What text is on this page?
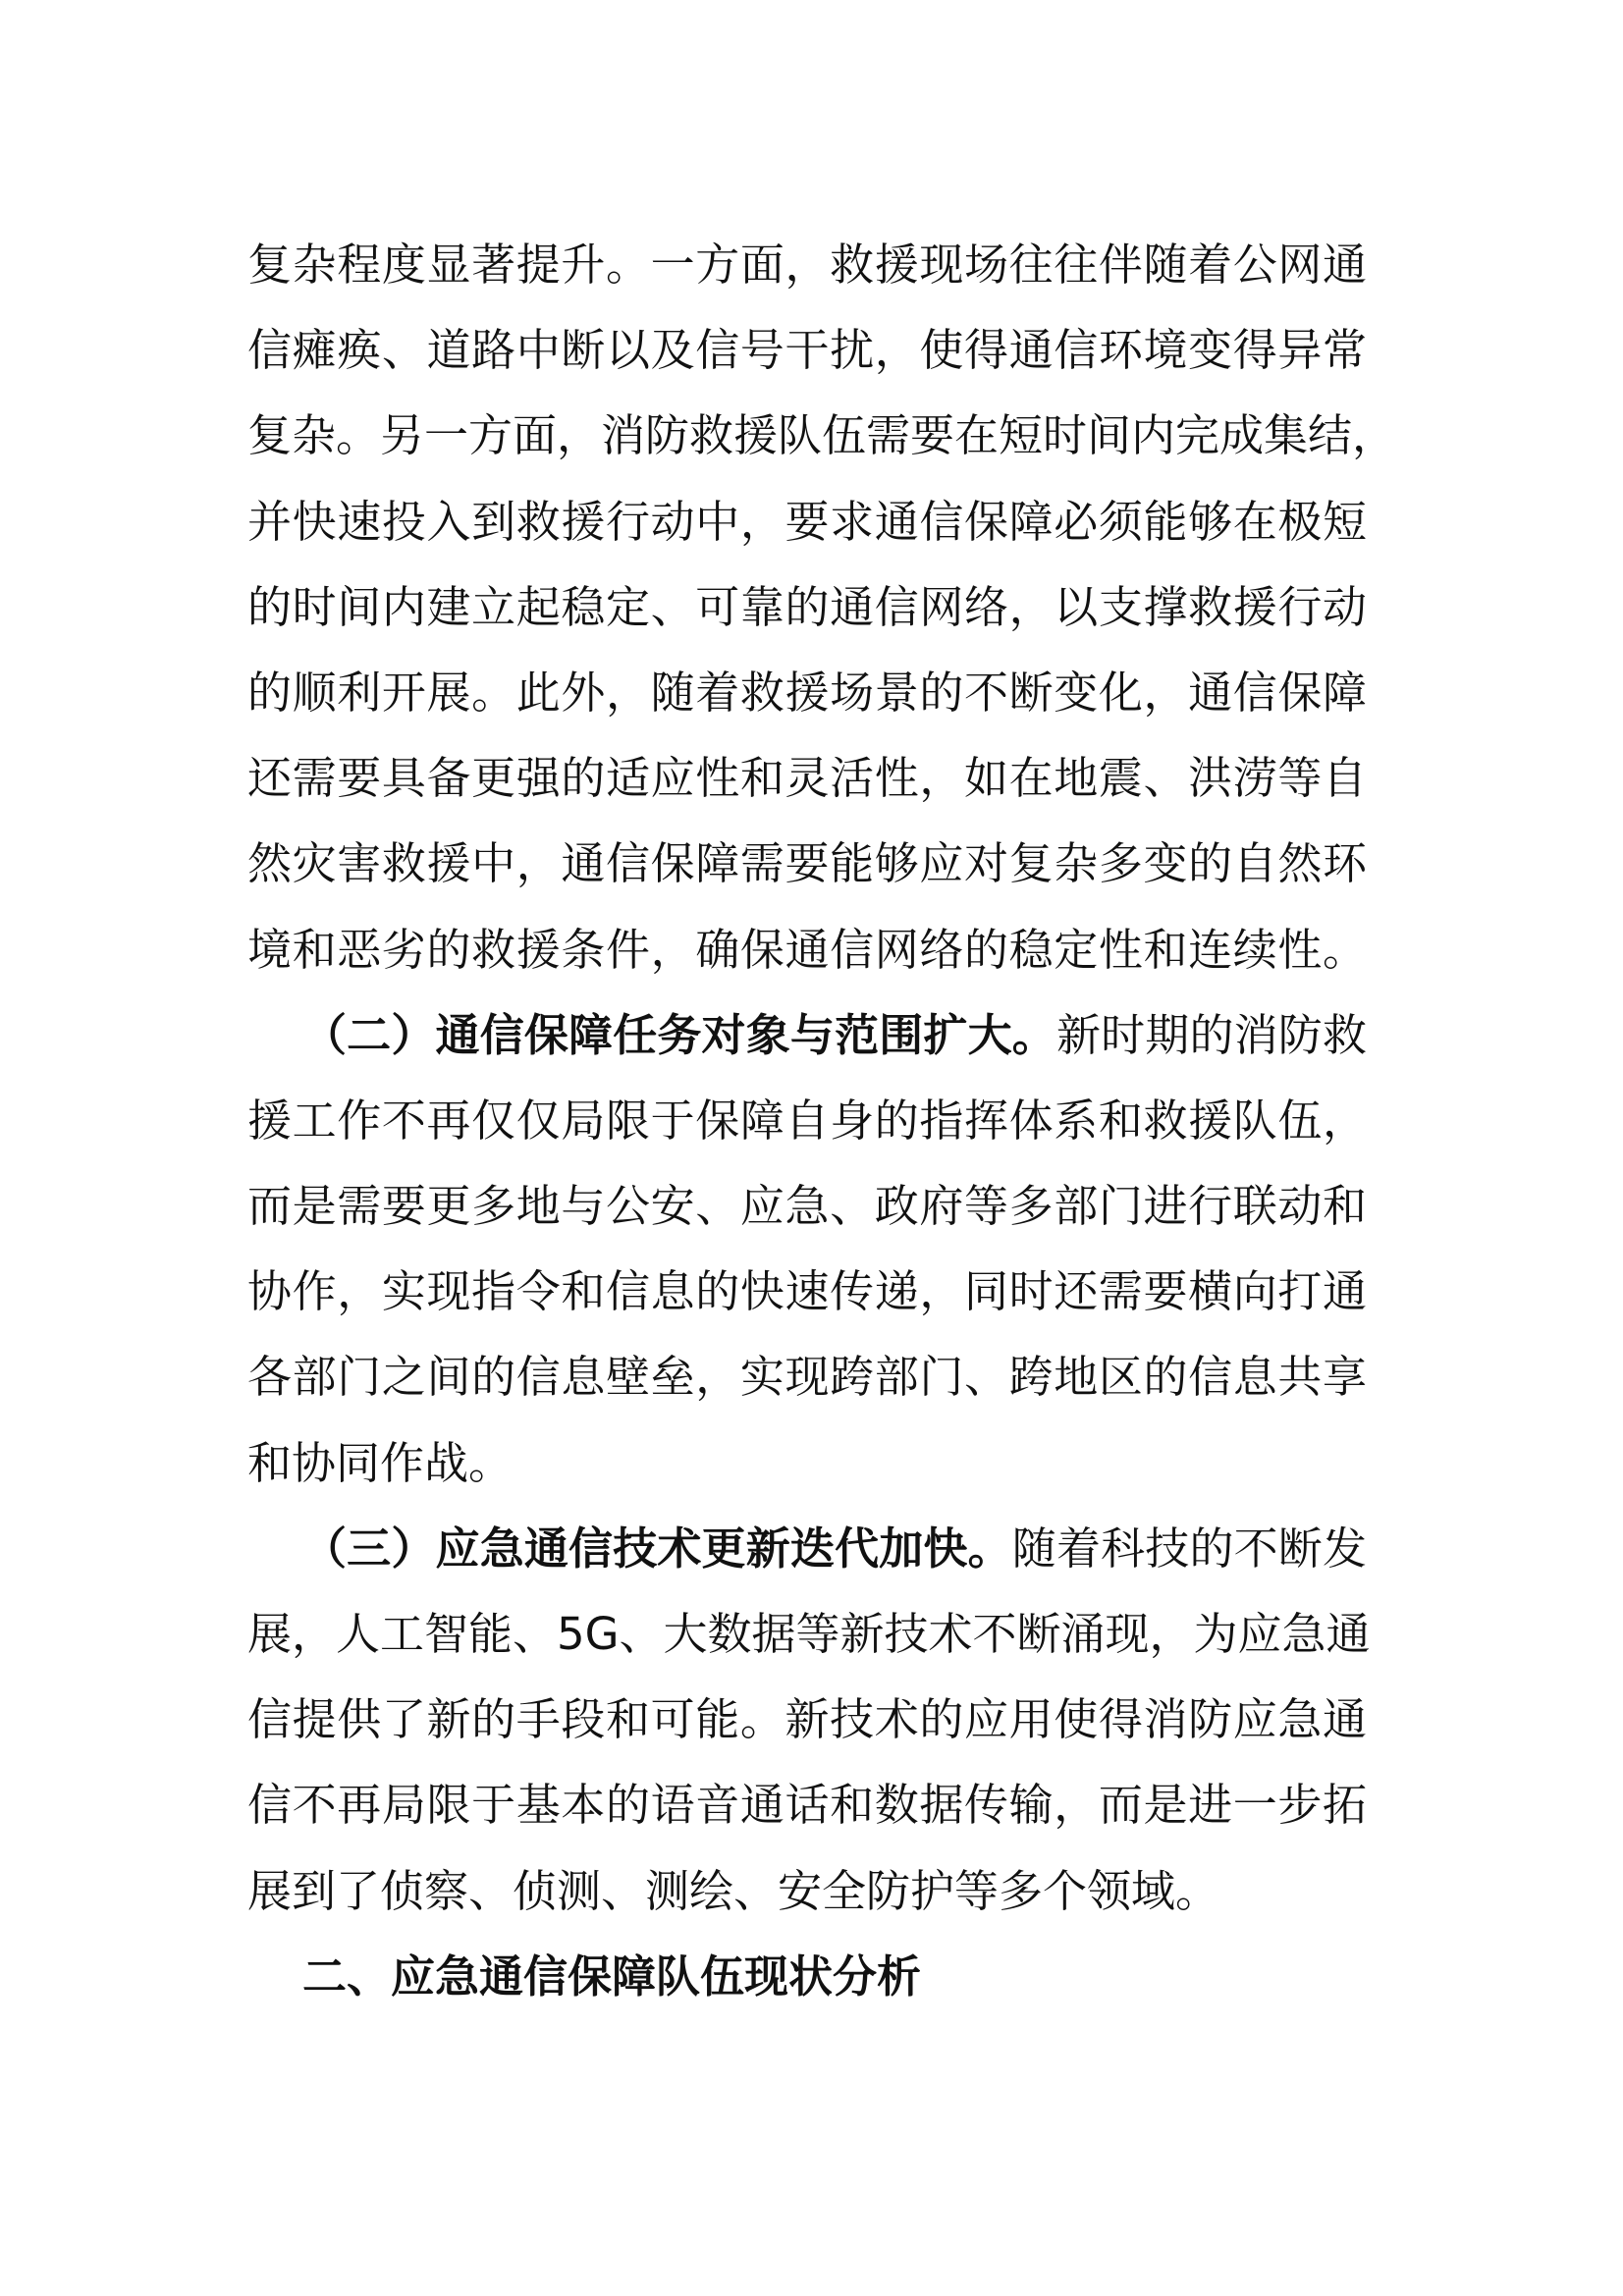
复杂程度显著提升。一方面，救援现场往往伴随着公网通
信瘫痪、道路中断以及信号干扰，使得通信环境变得异常
复杂。另一方面，消防救援队伍需要在短时间内完成集结，
并快速投入到救援行动中，要求通信保障必须能够在极短
的时间内建立起稳定、可靠的通信网络，以支撑救援行动
的顺利开展。此外，随着救援场景的不断变化，通信保障
还需要具备更强的适应性和灵活性，如在地震、洪涝等自
然灾害救援中，通信保障需要能够应对复杂多变的自然环
境和恶劣的救援条件，确保通信网络的稳定性和连续性。
（二）通信保障任务对象与范围扩大。新时期的消防救
援工作不再仅仅局限于保障自身的指挥体系和救援队伍，
而是需要更多地与公安、应急、政府等多部门进行联动和
协作，实现指令和信息的快速传递，同时还需要横向打通
各部门之间的信息壁垒，实现跨部门、跨地区的信息共享
和协同作战。
（三）应急通信技术更新迭代加快。随着科技的不断发
展，人工智能、5G、大数据等新技术不断涌现，为应急通
信提供了新的手段和可能。新技术的应用使得消防应急通
信不再局限于基本的语音通话和数据传输，而是进一步拓
展到了侦察、侦测、测绘、安全防护等多个领域。
二、应急通信保障队伍现状分析
